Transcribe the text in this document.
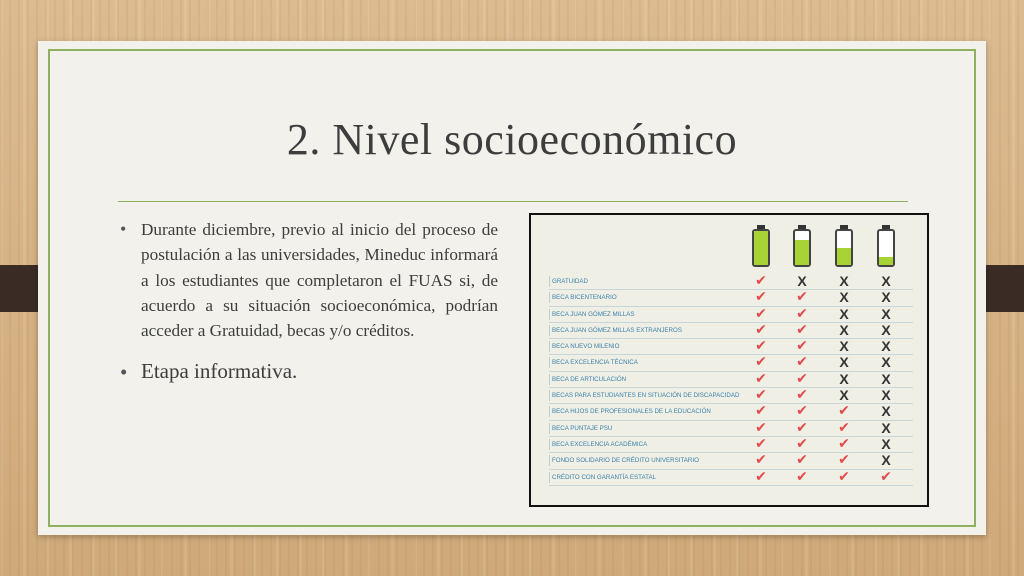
2. Nivel socioeconómico
• Durante diciembre, previo al inicio del proceso de postulación a las universidades, Mineduc informará a los estudiantes que completaron el FUAS si, de acuerdo a su situación socioeconómica, podrían acceder a Gratuidad, becas y/o créditos.
• Etapa informativa.
GRATUIDAD	✔	X	X	X
BECA BICENTENARIO	✔	✔	X	X
BECA JUAN GÓMEZ MILLAS	✔	✔	X	X
BECA JUAN GÓMEZ MILLAS EXTRANJEROS	✔	✔	X	X
BECA NUEVO MILENIO	✔	✔	X	X
BECA EXCELENCIA TÉCNICA	✔	✔	X	X
BECA DE ARTICULACIÓN	✔	✔	X	X
BECAS PARA ESTUDIANTES EN SITUACIÓN DE DISCAPACIDAD	✔	✔	X	X
BECA HIJOS DE PROFESIONALES DE LA EDUCACIÓN	✔	✔	✔	X
BECA PUNTAJE PSU	✔	✔	✔	X
BECA EXCELENCIA ACADÉMICA	✔	✔	✔	X
FONDO SOLIDARIO DE CRÉDITO UNIVERSITARIO	✔	✔	✔	X
CRÉDITO CON GARANTÍA ESTATAL	✔	✔	✔	✔
